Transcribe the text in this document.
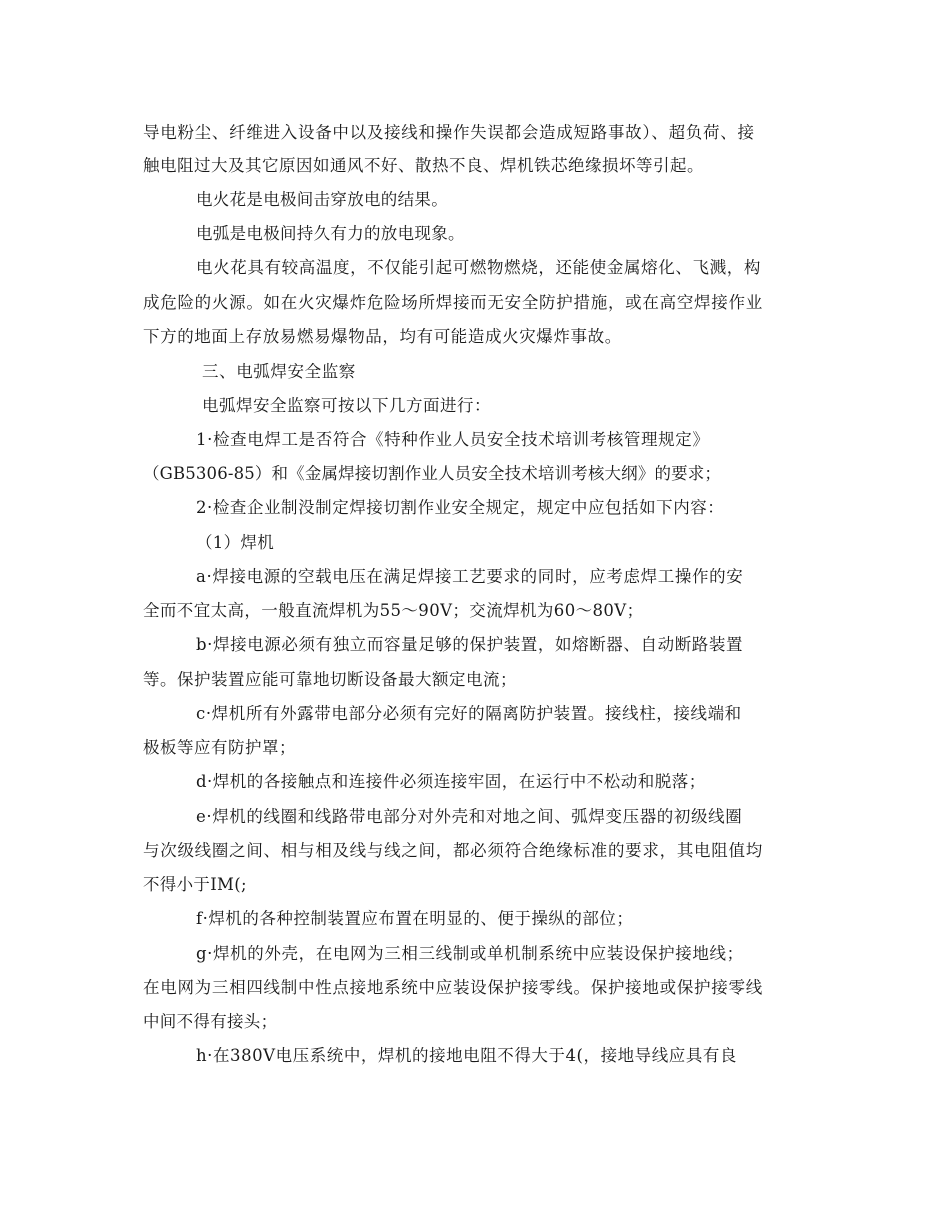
导电粉尘、纤维进入设备中以及接线和操作失误都会造成短路事故）、超负荷、接
触电阻过大及其它原因如通风不好、散热不良、焊机铁芯绝缘损坏等引起。
电火花是电极间击穿放电的结果。
电弧是电极间持久有力的放电现象。
电火花具有较高温度，不仅能引起可燃物燃烧，还能使金属熔化、飞溅，构
成危险的火源。如在火灾爆炸危险场所焊接而无安全防护措施，或在高空焊接作业
下方的地面上存放易燃易爆物品，均有可能造成火灾爆炸事故。
三、电弧焊安全监察
电弧焊安全监察可按以下几方面进行：
1·检查电焊工是否符合《特种作业人员安全技术培训考核管理规定》
（GB5306-85）和《金属焊接切割作业人员安全技术培训考核大纲》的要求；
2·检查企业制没制定焊接切割作业安全规定，规定中应包括如下内容：
（1）焊机
a·焊接电源的空载电压在满足焊接工艺要求的同时，应考虑焊工操作的安
全而不宜太高，一般直流焊机为55～90V；交流焊机为60～80V；
b·焊接电源必须有独立而容量足够的保护装置，如熔断器、自动断路装置
等。保护装置应能可靠地切断设备最大额定电流；
c·焊机所有外露带电部分必须有完好的隔离防护装置。接线柱，接线端和
极板等应有防护罩；
d·焊机的各接触点和连接件必须连接牢固，在运行中不松动和脱落；
e·焊机的线圈和线路带电部分对外壳和对地之间、弧焊变压器的初级线圈
与次级线圈之间、相与相及线与线之间，都必须符合绝缘标准的要求，其电阻值均
不得小于IM(;
f·焊机的各种控制装置应布置在明显的、便于操纵的部位；
g·焊机的外壳，在电网为三相三线制或单机制系统中应装设保护接地线；
在电网为三相四线制中性点接地系统中应装设保护接零线。保护接地或保护接零线
中间不得有接头；
h·在380V电压系统中，焊机的接地电阻不得大于4(，接地导线应具有良
